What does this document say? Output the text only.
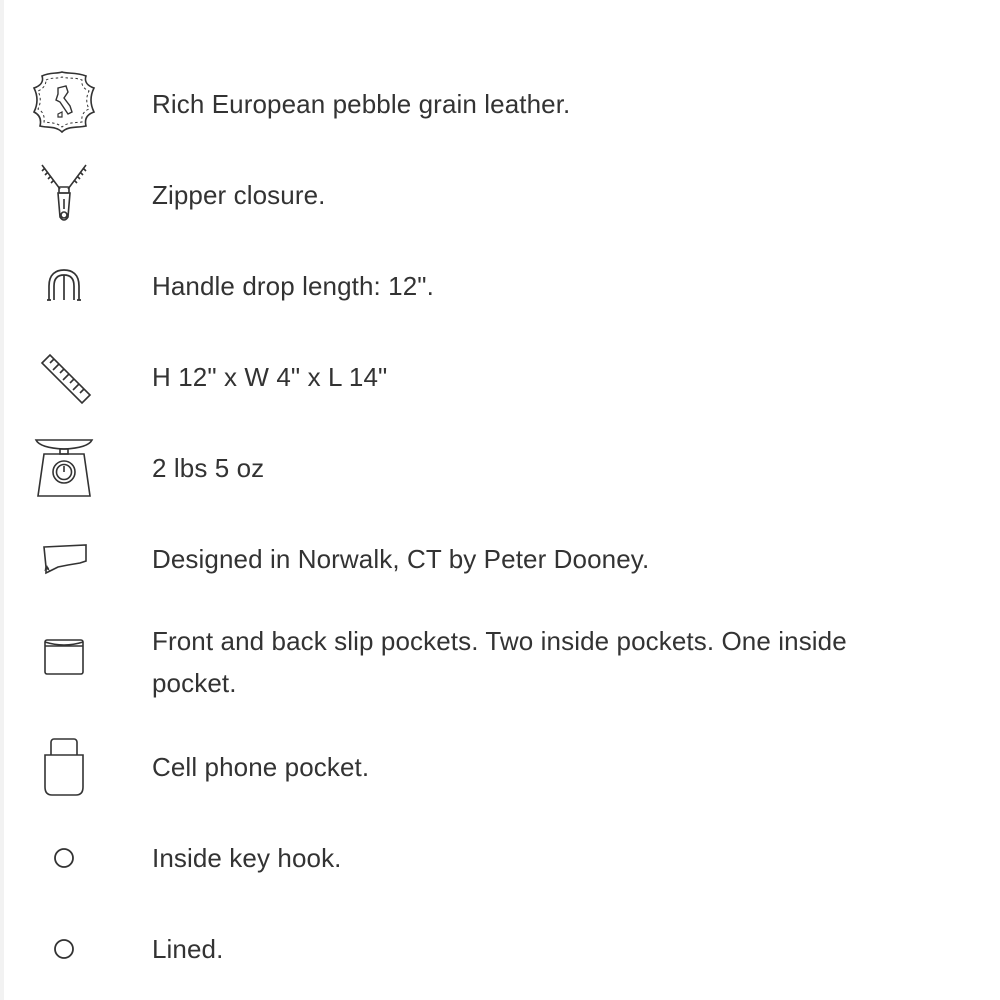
Rich European pebble grain leather.
Zipper closure.
Handle drop length: 12".
H 12" x W 4" x L 14"
2 lbs 5 oz
Designed in Norwalk, CT by Peter Dooney.
Front and back slip pockets. Two inside pockets. One inside pocket.
Cell phone pocket.
Inside key hook.
Lined.
